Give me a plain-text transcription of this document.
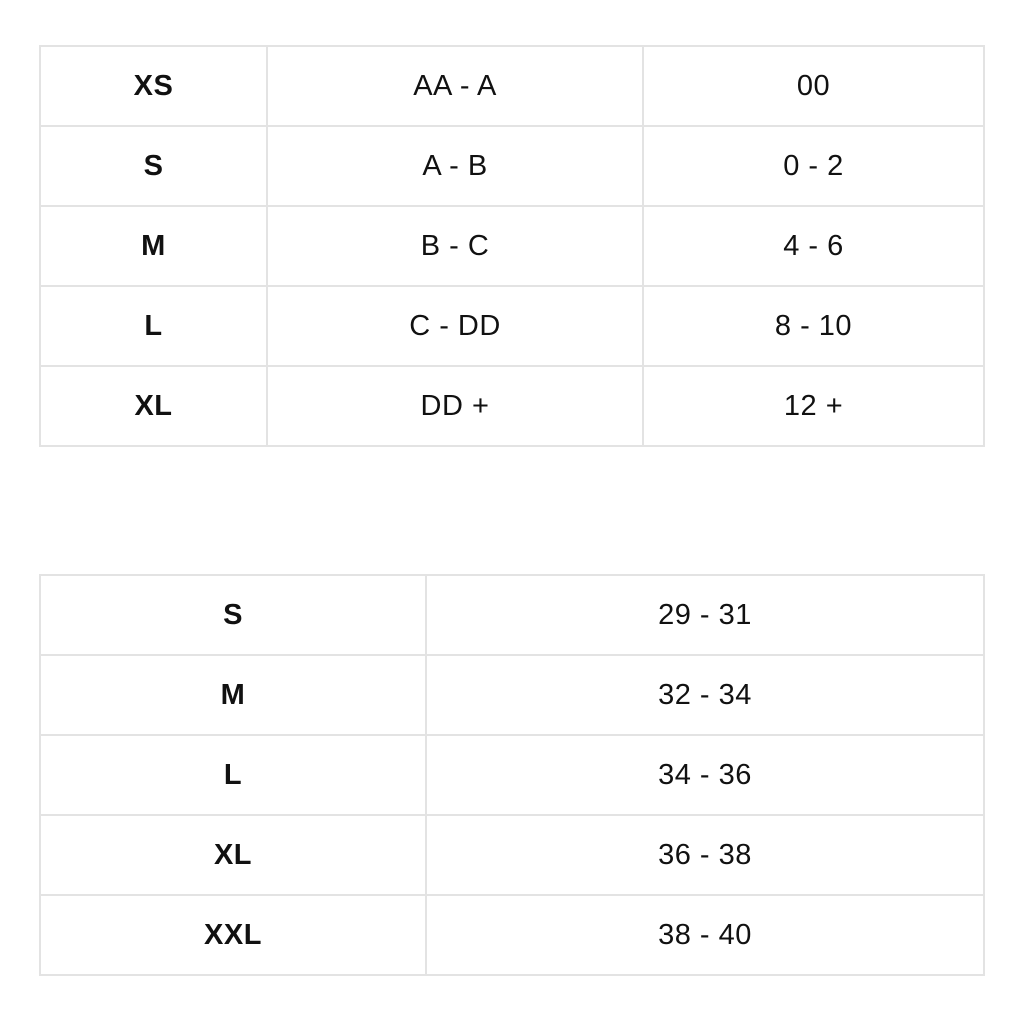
XS	AA - A	00
S	A - B	0 - 2
M	B - C	4 - 6
L	C - DD	8 - 10
XL	DD +	12 +
S	29 - 31
M	32 - 34
L	34 - 36
XL	36 - 38
XXL	38 - 40
